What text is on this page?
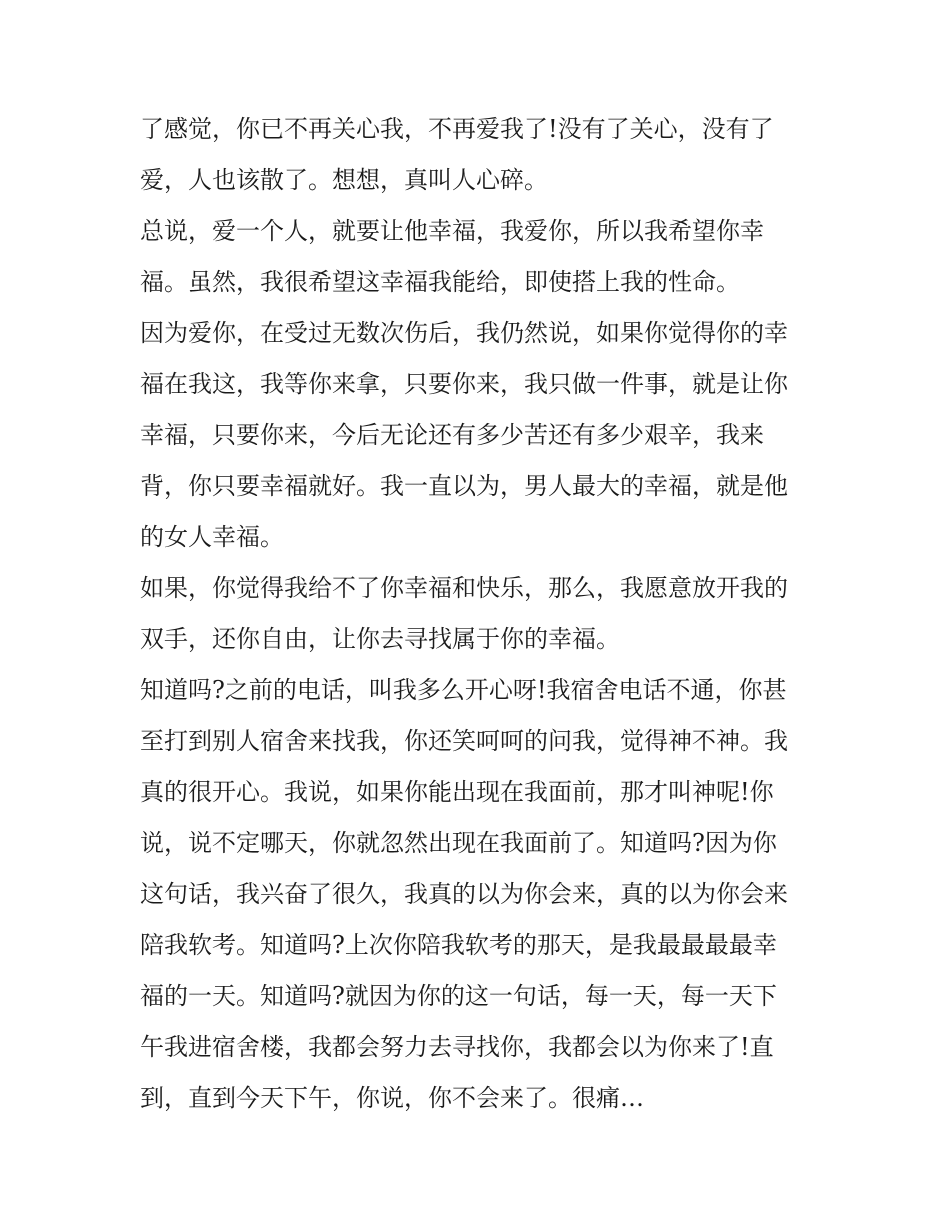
了感觉，你已不再关心我，不再爱我了!没有了关心，没有了
爱，人也该散了。想想，真叫人心碎。
总说，爱一个人，就要让他幸福，我爱你，所以我希望你幸
福。虽然，我很希望这幸福我能给，即使搭上我的性命。
因为爱你，在受过无数次伤后，我仍然说，如果你觉得你的幸
福在我这，我等你来拿，只要你来，我只做一件事，就是让你
幸福，只要你来，今后无论还有多少苦还有多少艰辛，我来
背，你只要幸福就好。我一直以为，男人最大的幸福，就是他
的女人幸福。
如果，你觉得我给不了你幸福和快乐，那么，我愿意放开我的
双手，还你自由，让你去寻找属于你的幸福。
知道吗?之前的电话，叫我多么开心呀!我宿舍电话不通，你甚
至打到别人宿舍来找我，你还笑呵呵的问我，觉得神不神。我
真的很开心。我说，如果你能出现在我面前，那才叫神呢!你
说，说不定哪天，你就忽然出现在我面前了。知道吗?因为你
这句话，我兴奋了很久，我真的以为你会来，真的以为你会来
陪我软考。知道吗?上次你陪我软考的那天，是我最最最最幸
福的一天。知道吗?就因为你的这一句话，每一天，每一天下
午我进宿舍楼，我都会努力去寻找你，我都会以为你来了!直
到，直到今天下午，你说，你不会来了。很痛…
